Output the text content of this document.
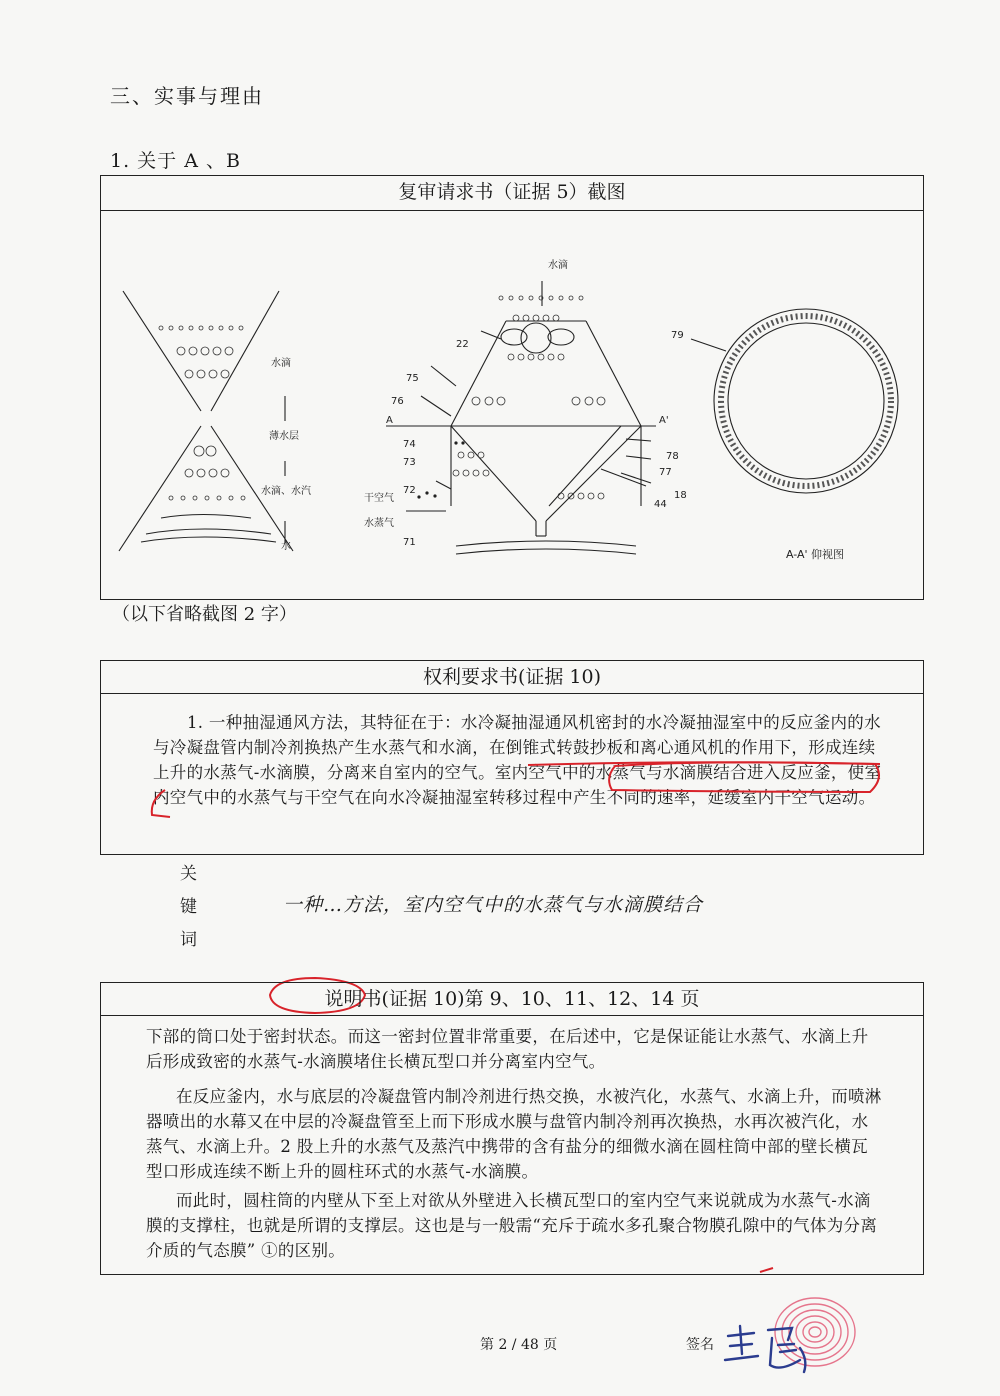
三、实事与理由
1. 关于 A 、B
复审请求书（证据 5）截图
水滴
薄水层
水滴、水汽
水
水滴
22
75
76
74
73
72
71
78
77
18
44
A	A'
干空气
水蒸气
79
A-A' 仰视图
（以下省略截图 2 字）
权利要求书(证据 10)

1. 一种抽湿通风方法，其特征在于：水冷凝抽湿通风机密封的水冷凝抽湿室中的反应釜内的水与冷凝盘管内制冷剂换热产生水蒸气和水滴，在倒锥式转鼓抄板和离心通风机的作用下，形成连续上升的水蒸气-水滴膜，分离来自室内的空气。室内空气中的水蒸气与水滴膜结合进入反应釜，使室内空气中的水蒸气与干空气在向水冷凝抽湿室转移过程中产生不同的速率，延缓室内干空气运动。

关
键
词
一种…方法，室内空气中的水蒸气与水滴膜结合
说明书(证据 10)第 9、10、11、12、14 页

下部的筒口处于密封状态。而这一密封位置非常重要，在后述中，它是保证能让水蒸气、水滴上升后形成致密的水蒸气-水滴膜堵住长横瓦型口并分离室内空气。

在反应釜内，水与底层的冷凝盘管内制冷剂进行热交换，水被汽化，水蒸气、水滴上升，而喷淋器喷出的水幕又在中层的冷凝盘管至上而下形成水膜与盘管内制冷剂再次换热，水再次被汽化，水蒸气、水滴上升。2 股上升的水蒸气及蒸汽中携带的含有盐分的细微水滴在圆柱筒中部的壁长横瓦型口形成连续不断上升的圆柱环式的水蒸气-水滴膜。

而此时，圆柱筒的内壁从下至上对欲从外壁进入长横瓦型口的室内空气来说就成为水蒸气-水滴膜的支撑柱，也就是所谓的支撑层。这也是与一般需“充斥于疏水多孔聚合物膜孔隙中的气体为分离介质的气态膜” ①的区别。

第 2 / 48 页	签名
